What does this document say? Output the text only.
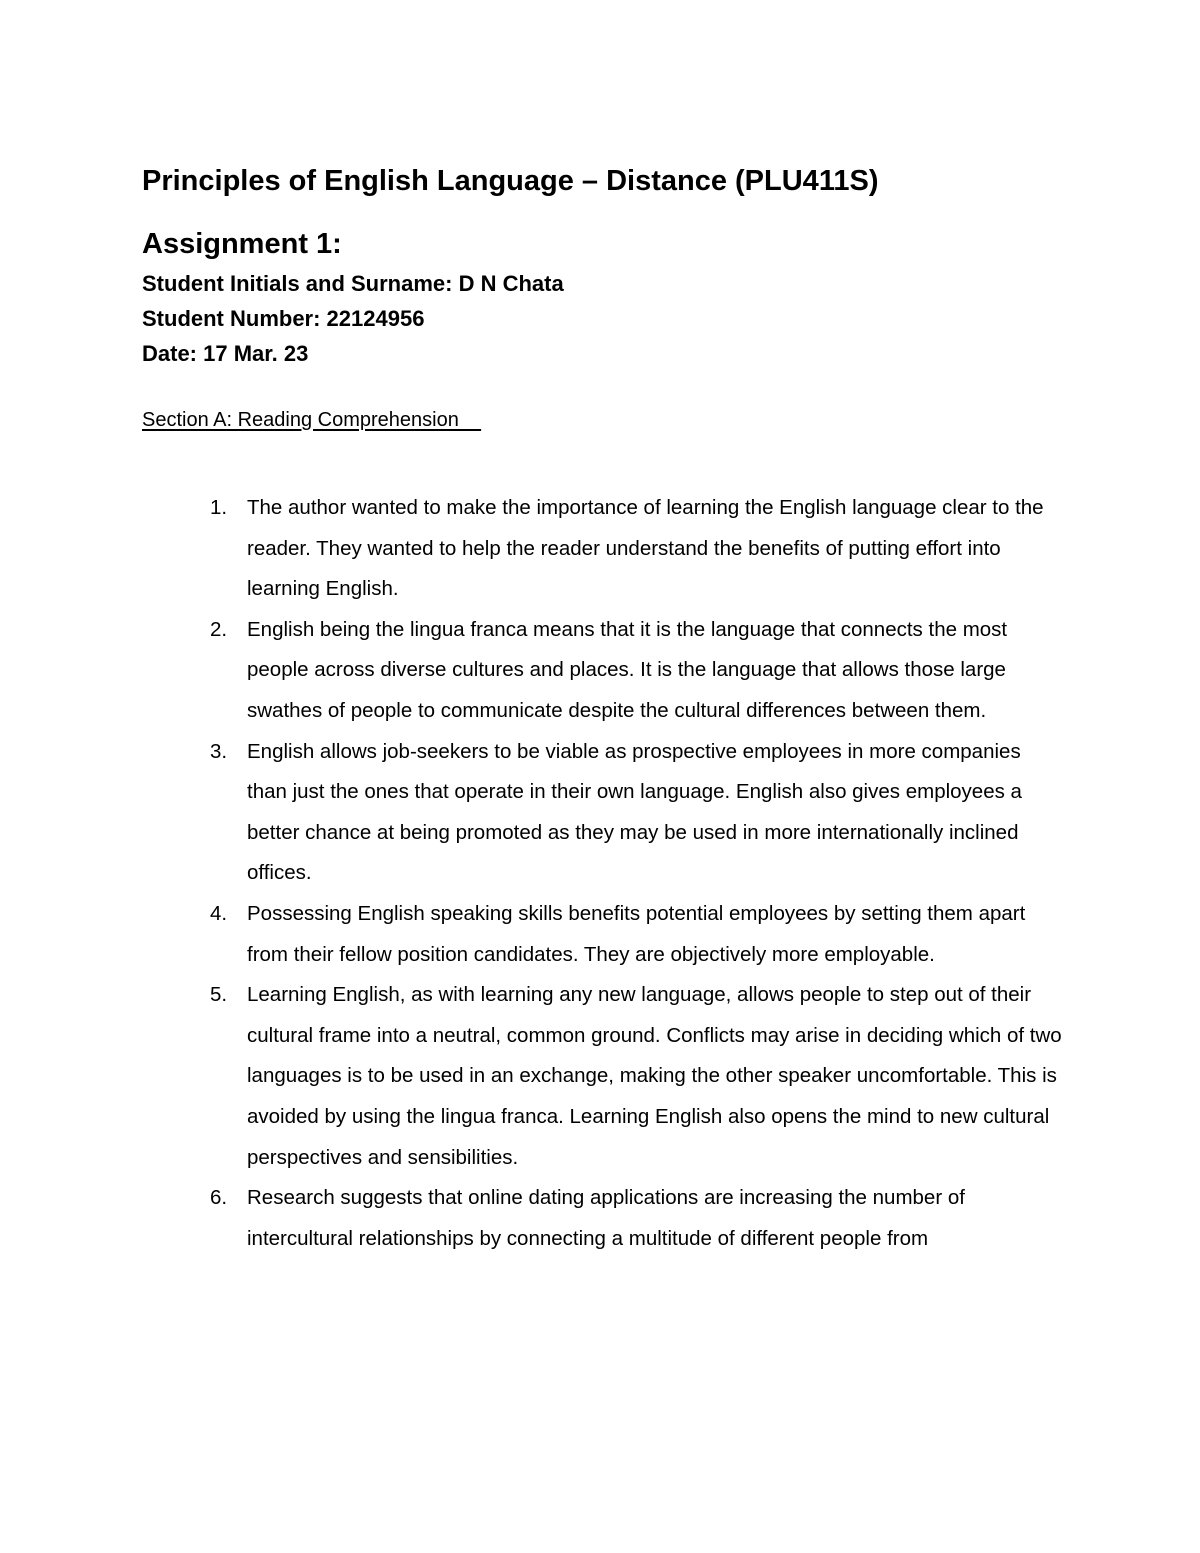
Principles of English Language – Distance (PLU411S)
Assignment 1:
Student Initials and Surname: D N Chata
Student Number: 22124956
Date: 17 Mar. 23
Section A: Reading Comprehension
1. The author wanted to make the importance of learning the English language clear to the reader. They wanted to help the reader understand the benefits of putting effort into learning English.
2. English being the lingua franca means that it is the language that connects the most people across diverse cultures and places. It is the language that allows those large swathes of people to communicate despite the cultural differences between them.
3. English allows job-seekers to be viable as prospective employees in more companies than just the ones that operate in their own language. English also gives employees a better chance at being promoted as they may be used in more internationally inclined offices.
4. Possessing English speaking skills benefits potential employees by setting them apart from their fellow position candidates. They are objectively more employable.
5. Learning English, as with learning any new language, allows people to step out of their cultural frame into a neutral, common ground. Conflicts may arise in deciding which of two languages is to be used in an exchange, making the other speaker uncomfortable. This is avoided by using the lingua franca. Learning English also opens the mind to new cultural perspectives and sensibilities.
6. Research suggests that online dating applications are increasing the number of intercultural relationships by connecting a multitude of different people from
